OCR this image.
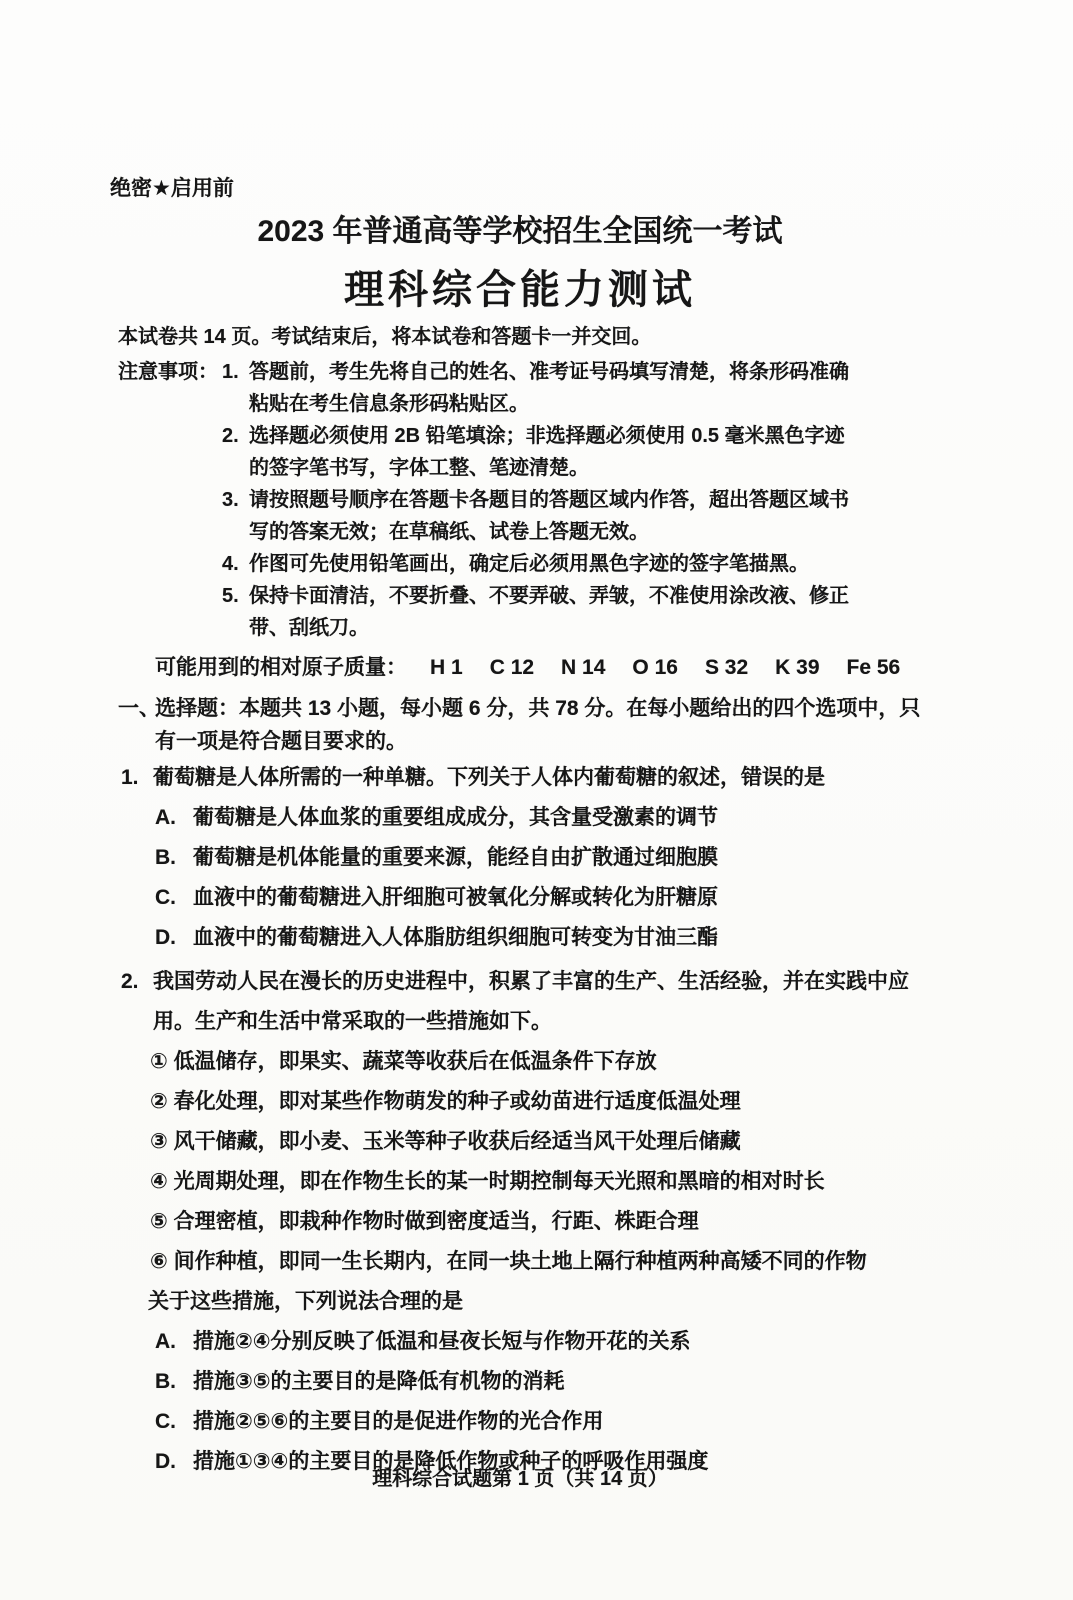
绝密★启用前
2023 年普通高等学校招生全国统一考试
理科综合能力测试
本试卷共 14 页。考试结束后，将本试卷和答题卡一并交回。
注意事项： 1. 答题前，考生先将自己的姓名、准考证号码填写清楚，将条形码准确
粘贴在考生信息条形码粘贴区。
2. 选择题必须使用 2B 铅笔填涂；非选择题必须使用 0.5 毫米黑色字迹
的签字笔书写，字体工整、笔迹清楚。
3. 请按照题号顺序在答题卡各题目的答题区域内作答，超出答题区域书
写的答案无效；在草稿纸、试卷上答题无效。
4. 作图可先使用铅笔画出，确定后必须用黑色字迹的签字笔描黑。
5. 保持卡面清洁，不要折叠、不要弄破、弄皱，不准使用涂改液、修正
带、刮纸刀。
可能用到的相对原子质量： H 1 C 12 N 14 O 16 S 32 K 39 Fe 56
一、
选择题：本题共 13 小题，每小题 6 分，共 78 分。在每小题给出的四个选项中，只
有一项是符合题目要求的。
1. 葡萄糖是人体所需的一种单糖。下列关于人体内葡萄糖的叙述，错误的是
A. 葡萄糖是人体血浆的重要组成成分，其含量受激素的调节
B. 葡萄糖是机体能量的重要来源，能经自由扩散通过细胞膜
C. 血液中的葡萄糖进入肝细胞可被氧化分解或转化为肝糖原
D. 血液中的葡萄糖进入人体脂肪组织细胞可转变为甘油三酯
2. 我国劳动人民在漫长的历史进程中，积累了丰富的生产、生活经验，并在实践中应
用。生产和生活中常采取的一些措施如下。
① 低温储存，即果实、蔬菜等收获后在低温条件下存放
② 春化处理，即对某些作物萌发的种子或幼苗进行适度低温处理
③ 风干储藏，即小麦、玉米等种子收获后经适当风干处理后储藏
④ 光周期处理，即在作物生长的某一时期控制每天光照和黑暗的相对时长
⑤ 合理密植，即栽种作物时做到密度适当，行距、株距合理
⑥ 间作种植，即同一生长期内，在同一块土地上隔行种植两种高矮不同的作物
关于这些措施，下列说法合理的是
A. 措施②④分别反映了低温和昼夜长短与作物开花的关系
B. 措施③⑤的主要目的是降低有机物的消耗
C. 措施②⑤⑥的主要目的是促进作物的光合作用
D. 措施①③④的主要目的是降低作物或种子的呼吸作用强度
理科综合试题第 1 页（共 14 页）
